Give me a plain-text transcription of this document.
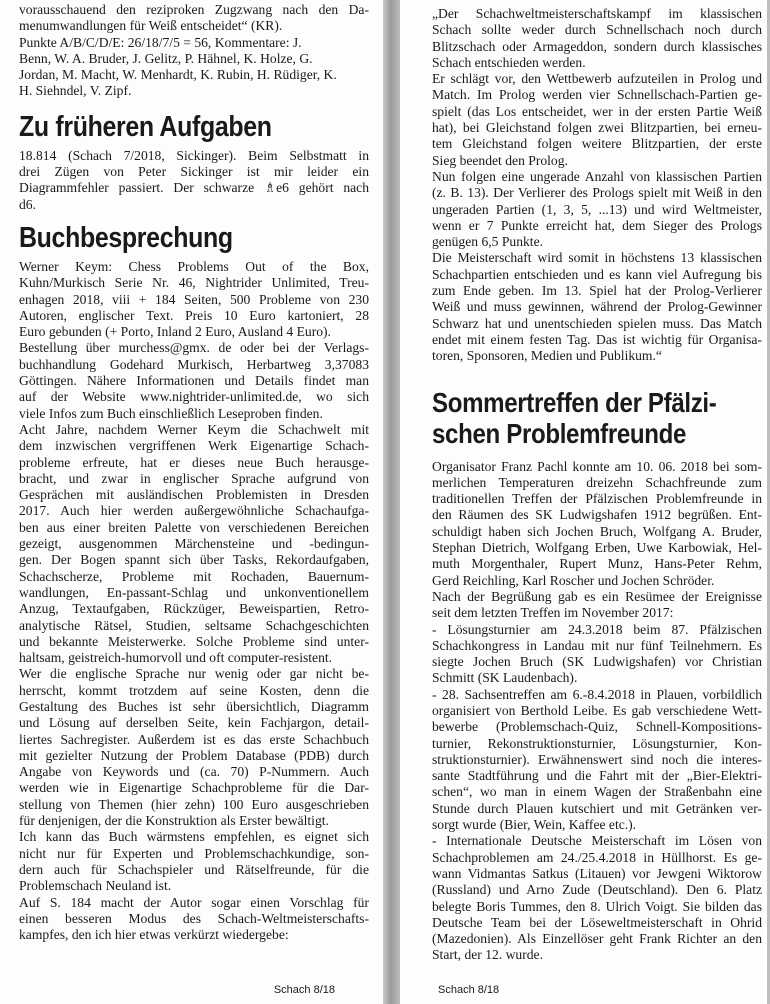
vorausschauend den reziproken Zugzwang nach den Da-
menumwandlungen für Weiß entscheidet“ (KR).
Punkte A/B/C/D/E: 26/18/7/5 = 56, Kommentare: J.
Benn, W. A. Bruder, J. Gelitz, P. Hähnel, K. Holze, G.
Jordan, M. Macht, W. Menhardt, K. Rubin, H. Rüdiger, K.
H. Siehndel, V. Zipf.
Zu früheren Aufgaben
18.814 (Schach 7/2018, Sickinger). Beim Selbstmatt in
drei Zügen von Peter Sickinger ist mir leider ein
Diagrammfehler passiert. Der schwarze ♗e6 gehört nach
d6.
Buchbesprechung
Werner Keym: Chess Problems Out of the Box,
Kuhn/Murkisch Serie Nr. 46, Nightrider Unlimited, Treu-
enhagen 2018, viii + 184 Seiten, 500 Probleme von 230
Autoren, englischer Text. Preis 10 Euro kartoniert, 28
Euro gebunden (+ Porto, Inland 2 Euro, Ausland 4 Euro).
Bestellung über murchess@gmx. de oder bei der Verlags-
buchhandlung Godehard Murkisch, Herbartweg 3,37083
Göttingen. Nähere Informationen und Details findet man
auf der Website www.nightrider-unlimited.de, wo sich
viele Infos zum Buch einschließlich Leseproben finden.
Acht Jahre, nachdem Werner Keym die Schachwelt mit
dem inzwischen vergriffenen Werk Eigenartige Schach-
probleme erfreute, hat er dieses neue Buch herausge-
bracht, und zwar in englischer Sprache aufgrund von
Gesprächen mit ausländischen Problemisten in Dresden
2017. Auch hier werden außergewöhnliche Schachaufga-
ben aus einer breiten Palette von verschiedenen Bereichen
gezeigt, ausgenommen Märchensteine und -bedingun-
gen. Der Bogen spannt sich über Tasks, Rekordaufgaben,
Schachscherze, Probleme mit Rochaden, Bauernum-
wandlungen, En-passant-Schlag und unkonventionellem
Anzug, Textaufgaben, Rückzüger, Beweispartien, Retro-
analytische Rätsel, Studien, seltsame Schachgeschichten
und bekannte Meisterwerke. Solche Probleme sind unter-
haltsam, geistreich-humorvoll und oft computer-resistent.
Wer die englische Sprache nur wenig oder gar nicht be-
herrscht, kommt trotzdem auf seine Kosten, denn die
Gestaltung des Buches ist sehr übersichtlich, Diagramm
und Lösung auf derselben Seite, kein Fachjargon, detail-
liertes Sachregister. Außerdem ist es das erste Schachbuch
mit gezielter Nutzung der Problem Database (PDB) durch
Angabe von Keywords und (ca. 70) P-Nummern. Auch
werden wie in Eigenartige Schachprobleme für die Dar-
stellung von Themen (hier zehn) 100 Euro ausgeschrieben
für denjenigen, der die Konstruktion als Erster bewältigt.
Ich kann das Buch wärmstens empfehlen, es eignet sich
nicht nur für Experten und Problemschachkundige, son-
dern auch für Schachspieler und Rätselfreunde, für die
Problemschach Neuland ist.
Auf S. 184 macht der Autor sogar einen Vorschlag für
einen besseren Modus des Schach-Weltmeisterschafts-
kampfes, den ich hier etwas verkürzt wiedergebe:
Schach 8/18
„Der Schachweltmeisterschaftskampf im klassischen
Schach sollte weder durch Schnellschach noch durch
Blitzschach oder Armageddon, sondern durch klassisches
Schach entschieden werden.
Er schlägt vor, den Wettbewerb aufzuteilen in Prolog und
Match. Im Prolog werden vier Schnellschach-Partien ge-
spielt (das Los entscheidet, wer in der ersten Partie Weiß
hat), bei Gleichstand folgen zwei Blitzpartien, bei erneu-
tem Gleichstand folgen weitere Blitzpartien, der erste
Sieg beendet den Prolog.
Nun folgen eine ungerade Anzahl von klassischen Partien
(z. B. 13). Der Verlierer des Prologs spielt mit Weiß in den
ungeraden Partien (1, 3, 5, ...13) und wird Weltmeister,
wenn er 7 Punkte erreicht hat, dem Sieger des Prologs
genügen 6,5 Punkte.
Die Meisterschaft wird somit in höchstens 13 klassischen
Schachpartien entschieden und es kann viel Aufregung bis
zum Ende geben. Im 13. Spiel hat der Prolog-Verlierer
Weiß und muss gewinnen, während der Prolog-Gewinner
Schwarz hat und unentschieden spielen muss. Das Match
endet mit einem festen Tag. Das ist wichtig für Organisa-
toren, Sponsoren, Medien und Publikum.“
Sommertreffen der Pfälzi-
schen Problemfreunde
Organisator Franz Pachl konnte am 10. 06. 2018 bei som-
merlichen Temperaturen dreizehn Schachfreunde zum
traditionellen Treffen der Pfälzischen Problemfreunde in
den Räumen des SK Ludwigshafen 1912 begrüßen. Ent-
schuldigt haben sich Jochen Bruch, Wolfgang A. Bruder,
Stephan Dietrich, Wolfgang Erben, Uwe Karbowiak, Hel-
muth Morgenthaler, Rupert Munz, Hans-Peter Rehm,
Gerd Reichling, Karl Roscher und Jochen Schröder.
Nach der Begrüßung gab es ein Resümee der Ereignisse
seit dem letzten Treffen im November 2017:
- Lösungsturnier am 24.3.2018 beim 87. Pfälzischen
Schachkongress in Landau mit nur fünf Teilnehmern. Es
siegte Jochen Bruch (SK Ludwigshafen) vor Christian
Schmitt (SK Laudenbach).
- 28. Sachsentreffen am 6.-8.4.2018 in Plauen, vorbildlich
organisiert von Berthold Leibe. Es gab verschiedene Wett-
bewerbe (Problemschach-Quiz, Schnell-Kompositions-
turnier, Rekonstruktionsturnier, Lösungsturnier, Kon-
struktionsturnier). Erwähnenswert sind noch die interes-
sante Stadtführung und die Fahrt mit der „Bier-Elektri-
schen“, wo man in einem Wagen der Straßenbahn eine
Stunde durch Plauen kutschiert und mit Getränken ver-
sorgt wurde (Bier, Wein, Kaffee etc.).
- Internationale Deutsche Meisterschaft im Lösen von
Schachproblemen am 24./25.4.2018 in Hüllhorst. Es ge-
wann Vidmantas Satkus (Litauen) vor Jewgeni Wiktorow
(Russland) und Arno Zude (Deutschland). Den 6. Platz
belegte Boris Tummes, den 8. Ulrich Voigt. Sie bilden das
Deutsche Team bei der Löseweltmeisterschaft in Ohrid
(Mazedonien). Als Einzellöser geht Frank Richter an den
Start, der 12. wurde.
Schach 8/18
